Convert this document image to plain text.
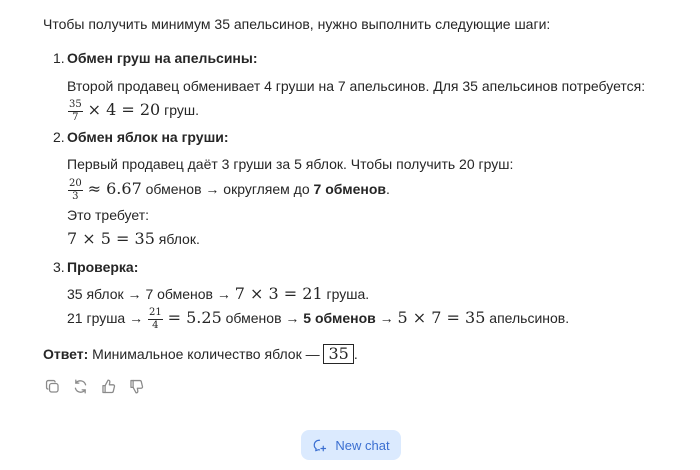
Чтобы получить минимум 35 апельсинов, нужно выполнить следующие шаги:
1. Обмен груш на апельсины:
Второй продавец обменивает 4 груши на 7 апельсинов. Для 35 апельсинов потребуется:
$\frac{35}{7} \times 4 = 20$ груш.
2. Обмен яблок на груши:
Первый продавец даёт 3 груши за 5 яблок. Чтобы получить 20 груш:
$\frac{20}{3} \approx 6.67$ обменов → округляем до 7 обменов.
Это требует:
7 × 5 = 35 яблок.
3. Проверка:
35 яблок → 7 обменов → 7 × 3 = 21 груша.
21 груша → $\frac{21}{4} = 5.25$ обменов → 5 обменов → 5 × 7 = 35 апельсинов.
Ответ: Минимальное количество яблок — 35 .
New chat
